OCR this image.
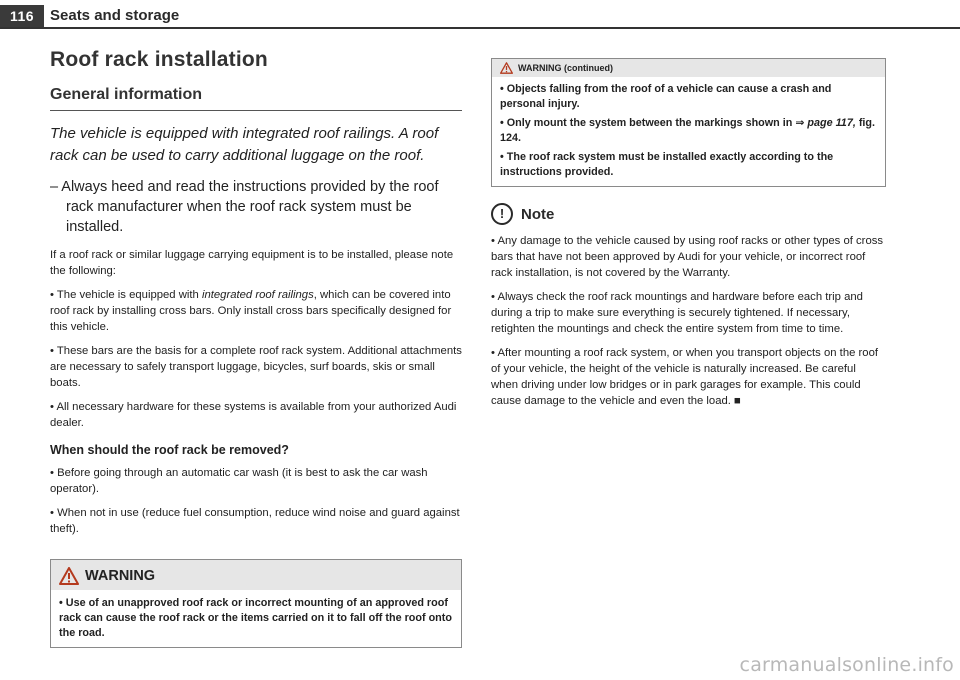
116	Seats and storage
Roof rack installation
General information

The vehicle is equipped with integrated roof railings. A roof rack can be used to carry additional luggage on the roof.

– Always heed and read the instructions provided by the roof rack manufacturer when the roof rack system must be installed.

If a roof rack or similar luggage carrying equipment is to be installed, please note the following:

• The vehicle is equipped with integrated roof railings, which can be covered into roof rack by installing cross bars. Only install cross bars specifically designed for this vehicle.

• These bars are the basis for a complete roof rack system. Additional attachments are necessary to safely transport luggage, bicycles, surf boards, skis or small boats.

• All necessary hardware for these systems is available from your authorized Audi dealer.

When should the roof rack be removed?

• Before going through an automatic car wash (it is best to ask the car wash operator).

• When not in use (reduce fuel consumption, reduce wind noise and guard against theft).

WARNING
• Use of an unapproved roof rack or incorrect mounting of an approved roof rack can cause the roof rack or the items carried on it to fall off the roof onto the road.
WARNING (continued)

• Objects falling from the roof of a vehicle can cause a crash and personal injury.

• Only mount the system between the markings shown in ⇒ page 117, fig. 124.

• The roof rack system must be installed exactly according to the instructions provided.

!	Note

• Any damage to the vehicle caused by using roof racks or other types of cross bars that have not been approved by Audi for your vehicle, or incorrect roof rack installation, is not covered by the Warranty.

• Always check the roof rack mountings and hardware before each trip and during a trip to make sure everything is securely tightened. If necessary, retighten the mountings and check the entire system from time to time.

• After mounting a roof rack system, or when you transport objects on the roof of your vehicle, the height of the vehicle is naturally increased. Be careful when driving under low bridges or in park garages for example. This could cause damage to the vehicle and even the load. ■

carmanualsonline.info
